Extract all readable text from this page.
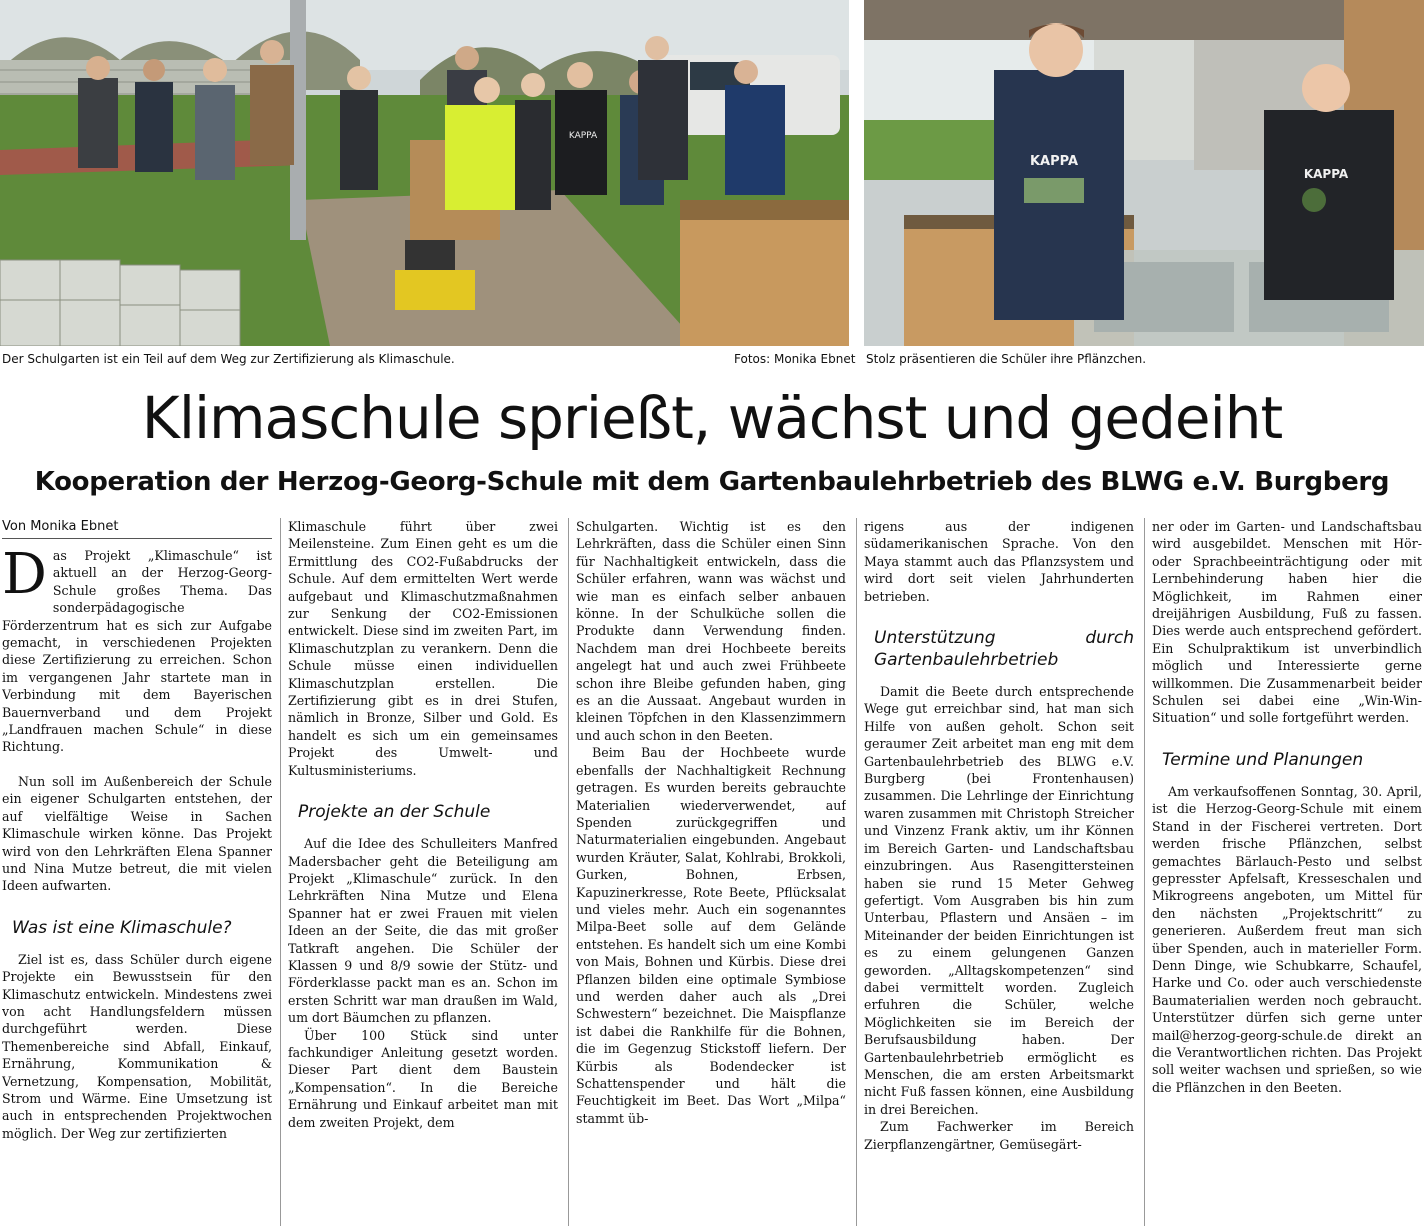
KAPPA
KAPPA
KAPPA
Der Schulgarten ist ein Teil auf dem Weg zur Zertifizierung als Klimaschule.	Fotos: Monika Ebnet Stolz präsentieren die Schüler ihre Pflänzchen.
Klimaschule sprießt, wächst und gedeiht
Kooperation der Herzog-Georg-Schule mit dem Gartenbaulehrbetrieb des BLWG e.V. Burgberg
Von Monika Ebnet

Das Projekt „Klimaschule“ ist aktuell an der Herzog-Georg-Schule großes Thema. Das sonderpädagogische Förderzentrum hat es sich zur Aufgabe gemacht, in verschiedenen Projekten diese Zertifizierung zu erreichen. Schon im vergangenen Jahr startete man in Verbindung mit dem Bayerischen Bauernverband und dem Projekt „Landfrauen machen Schule“ in diese Richtung.

Nun soll im Außenbereich der Schule ein eigener Schulgarten entstehen, der auf vielfältige Weise in Sachen Klimaschule wirken könne. Das Projekt wird von den Lehrkräften Elena Spanner und Nina Mutze betreut, die mit vielen Ideen aufwarten.

Was ist eine Klimaschule?

Ziel ist es, dass Schüler durch eigene Projekte ein Bewusstsein für den Klimaschutz entwickeln. Mindestens zwei von acht Handlungsfeldern müssen durchgeführt werden. Diese Themenbereiche sind Abfall, Einkauf, Ernährung, Kommunikation & Vernetzung, Kompensation, Mobilität, Strom und Wärme. Eine Umsetzung ist auch in entsprechenden Projektwochen möglich. Der Weg zur zertifizierten

Klimaschule führt über zwei Meilensteine. Zum Einen geht es um die Ermittlung des CO2-Fußabdrucks der Schule. Auf dem ermittelten Wert werde aufgebaut und Klimaschutzmaßnahmen zur Senkung der CO2-Emissionen entwickelt. Diese sind im zweiten Part, im Klimaschutzplan zu verankern. Denn die Schule müsse einen individuellen Klimaschutzplan erstellen. Die Zertifizierung gibt es in drei Stufen, nämlich in Bronze, Silber und Gold. Es handelt es sich um ein gemeinsames Projekt des Umwelt- und Kultusministeriums.

Projekte an der Schule

Auf die Idee des Schulleiters Manfred Madersbacher geht die Beteiligung am Projekt „Klimaschule“ zurück. In den Lehrkräften Nina Mutze und Elena Spanner hat er zwei Frauen mit vielen Ideen an der Seite, die das mit großer Tatkraft angehen. Die Schüler der Klassen 9 und 8/9 sowie der Stütz- und Förderklasse packt man es an. Schon im ersten Schritt war man draußen im Wald, um dort Bäumchen zu pflanzen.

Über 100 Stück sind unter fachkundiger Anleitung gesetzt worden. Dieser Part dient dem Baustein „Kompensation“. In die Bereiche Ernährung und Einkauf arbeitet man mit dem zweiten Projekt, dem

Schulgarten. Wichtig ist es den Lehrkräften, dass die Schüler einen Sinn für Nachhaltigkeit entwickeln, dass die Schüler erfahren, wann was wächst und wie man es einfach selber anbauen könne. In der Schulküche sollen die Produkte dann Verwendung finden. Nachdem man drei Hochbeete bereits angelegt hat und auch zwei Frühbeete schon ihre Bleibe gefunden haben, ging es an die Aussaat. Angebaut wurden in kleinen Töpfchen in den Klassenzimmern und auch schon in den Beeten.

Beim Bau der Hochbeete wurde ebenfalls der Nachhaltigkeit Rechnung getragen. Es wurden bereits gebrauchte Materialien wiederverwendet, auf Spenden zurückgegriffen und Naturmaterialien eingebunden. Angebaut wurden Kräuter, Salat, Kohlrabi, Brokkoli, Gurken, Bohnen, Erbsen, Kapuzinerkresse, Rote Beete, Pflücksalat und vieles mehr. Auch ein sogenanntes Milpa-Beet solle auf dem Gelände entstehen. Es handelt sich um eine Kombi von Mais, Bohnen und Kürbis. Diese drei Pflanzen bilden eine optimale Symbiose und werden daher auch als „Drei Schwestern“ bezeichnet. Die Maispflanze ist dabei die Rankhilfe für die Bohnen, die im Gegenzug Stickstoff liefern. Der Kürbis als Bodendecker ist Schattenspender und hält die Feuchtigkeit im Beet. Das Wort „Milpa“ stammt üb-

rigens aus der indigenen südamerikanischen Sprache. Von den Maya stammt auch das Pflanzsystem und wird dort seit vielen Jahrhunderten betrieben.

Unterstützung durch Gartenbaulehrbetrieb

Damit die Beete durch entsprechende Wege gut erreichbar sind, hat man sich Hilfe von außen geholt. Schon seit geraumer Zeit arbeitet man eng mit dem Gartenbaulehrbetrieb des BLWG e.V. Burgberg (bei Frontenhausen) zusammen. Die Lehrlinge der Einrichtung waren zusammen mit Christoph Streicher und Vinzenz Frank aktiv, um ihr Können im Bereich Garten- und Landschaftsbau einzubringen. Aus Rasengittersteinen haben sie rund 15 Meter Gehweg gefertigt. Vom Ausgraben bis hin zum Unterbau, Pflastern und Ansäen – im Miteinander der beiden Einrichtungen ist es zu einem gelungenen Ganzen geworden. „Alltagskompetenzen“ sind dabei vermittelt worden. Zugleich erfuhren die Schüler, welche Möglichkeiten sie im Bereich der Berufsausbildung haben. Der Gartenbaulehrbetrieb ermöglicht es Menschen, die am ersten Arbeitsmarkt nicht Fuß fassen können, eine Ausbildung in drei Bereichen.

Zum Fachwerker im Bereich Zierpflanzengärtner, Gemüsegärt-

ner oder im Garten- und Landschaftsbau wird ausgebildet. Menschen mit Hör- oder Sprachbeeinträchtigung oder mit Lernbehinderung haben hier die Möglichkeit, im Rahmen einer dreijährigen Ausbildung, Fuß zu fassen. Dies werde auch entsprechend gefördert. Ein Schulpraktikum ist unverbindlich möglich und Interessierte gerne willkommen. Die Zusammenarbeit beider Schulen sei dabei eine „Win-Win-Situation“ und solle fortgeführt werden.

Termine und Planungen

Am verkaufsoffenen Sonntag, 30. April, ist die Herzog-Georg-Schule mit einem Stand in der Fischerei vertreten. Dort werden frische Pflänzchen, selbst gemachtes Bärlauch-Pesto und selbst gepresster Apfelsaft, Kresseschalen und Mikrogreens angeboten, um Mittel für den nächsten „Projektschritt“ zu generieren. Außerdem freut man sich über Spenden, auch in materieller Form. Denn Dinge, wie Schubkarre, Schaufel, Harke und Co. oder auch verschiedenste Baumaterialien werden noch gebraucht. Unterstützer dürfen sich gerne unter mail@herzog-georg-schule.de direkt an die Verantwortlichen richten. Das Projekt soll weiter wachsen und sprießen, so wie die Pflänzchen in den Beeten.
